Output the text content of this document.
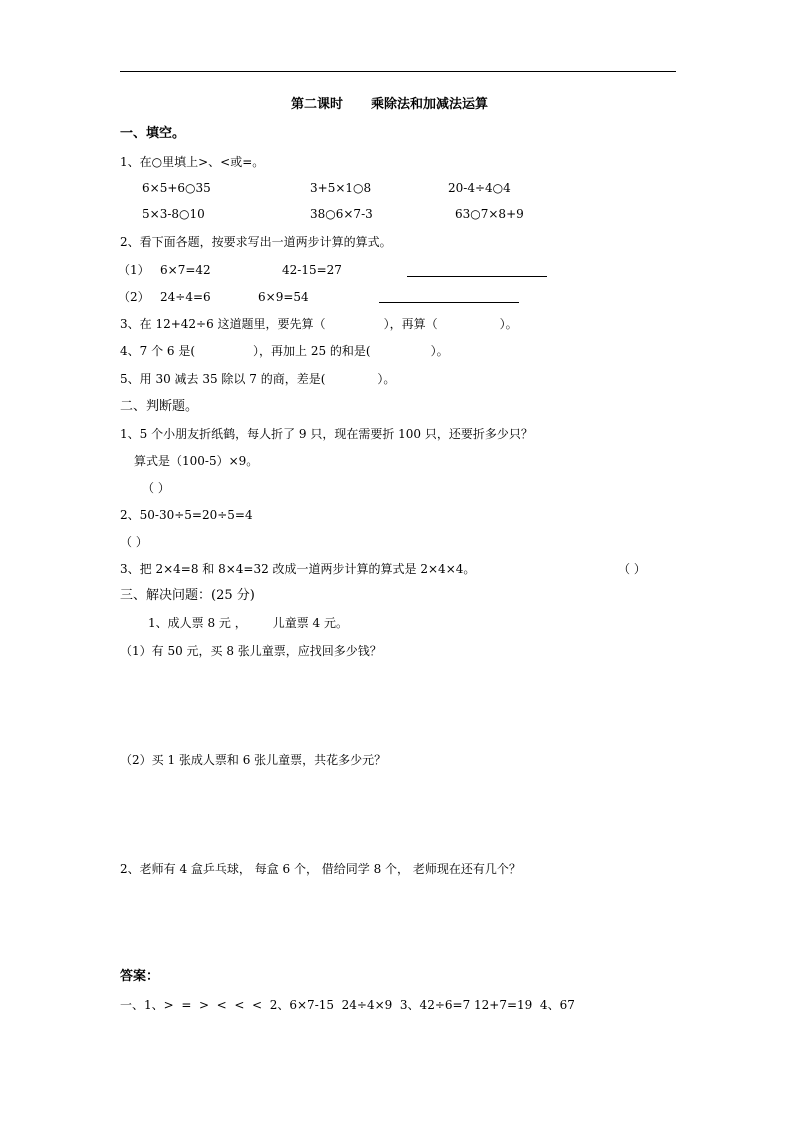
第二课时 乘除法和加减法运算
一、填空。
1、在○里填上>、<或=。
6×5+6○35	3+5×1○8	20-4÷4○4
5×3-8○10	38○6×7-3	63○7×8+9
2、看下面各题，按要求写出一道两步计算的算式。
（1） 6×7=42	42-15=27
（2） 24÷4=6	6×9=54
3、在 12+42÷6 这道题里，要先算（	），再算（	）。
4、7 个 6 是(	），再加上 25 的和是(	）。
5、用 30 减去 35 除以 7 的商，差是(	）。
二、判断题。
1、5 个小朋友折纸鹤，每人折了 9 只，现在需要折 100 只，还要折多少只？
算式是（100-5）×9。
（ ）
2、50-30÷5=20÷5=4
（ ）
3、把 2×4=8 和 8×4=32 改成一道两步计算的算式是 2×4×4。	（ ）
三、解决问题：(25 分)
1、成人票 8 元 ， 儿童票 4 元。
（1）有 50 元，买 8 张儿童票，应找回多少钱？
（2）买 1 张成人票和 6 张儿童票，共花多少元？
2、老师有 4 盒乒乓球， 每盒 6 个， 借给同学 8 个， 老师现在还有几个？
答案：
一、1、>  =  >  <  <  <  2、6×7-15  24÷4×9  3、42÷6=7 12+7=19  4、67
